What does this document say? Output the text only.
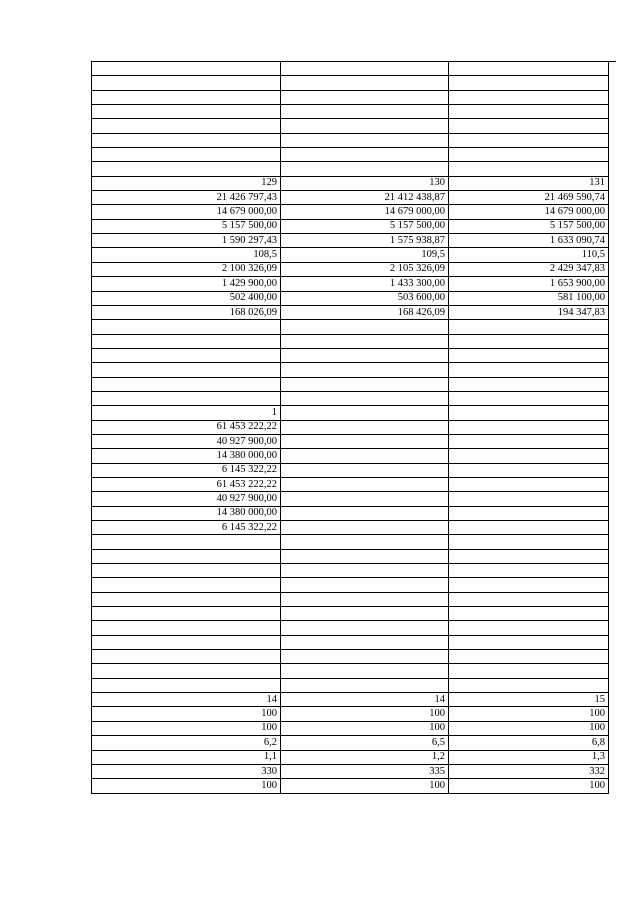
129	130	131
21 426 797,43	21 412 438,87	21 469 590,74
14 679 000,00	14 679 000,00	14 679 000,00
5 157 500,00	5 157 500,00	5 157 500,00
1 590 297,43	1 575 938,87	1 633 090,74
108,5	109,5	110,5
2 100 326,09	2 105 326,09	2 429 347,83
1 429 900,00	1 433 300,00	1 653 900,00
502 400,00	503 600,00	581 100,00
168 026,09	168 426,09	194 347,83

1		
61 453 222,22		
40 927 900,00		
14 380 000,00		
6 145 322,22		
61 453 222,22		
40 927 900,00		
14 380 000,00		
6 145 322,22		

14	14	15
100	100	100
100	100	100
6,2	6,5	6,8
1,1	1,2	1,3
330	335	332
100	100	100
